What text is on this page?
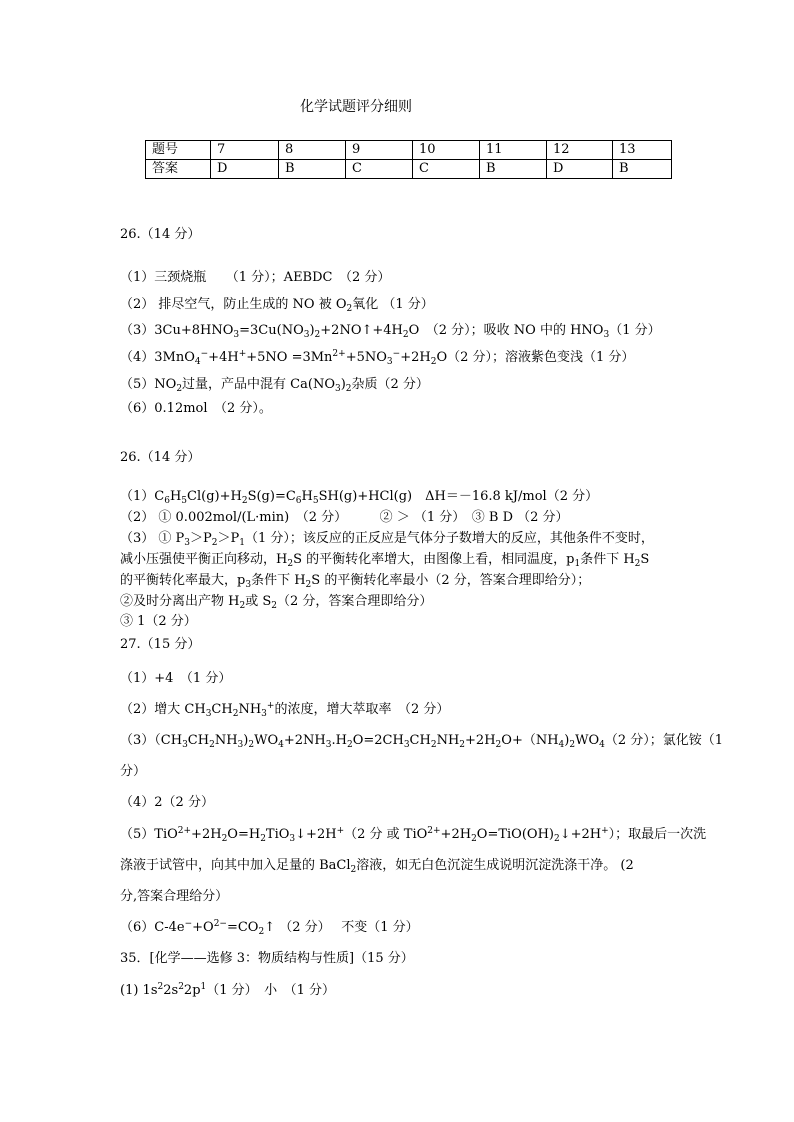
化学试题评分细则
题号	7	8	9	10	11	12	13
答案	D	B	C	C	B	D	B
26.（14 分）
（1）三颈烧瓶　　（1 分）；AEBDC　（2 分）
（2） 排尽空气，防止生成的 NO 被 $O_2$氧化 （1 分）
$(3)3Cu+8HNO_3=3Cu(NO_3)_2+2NO↑+4H_2O$　（2 分）；吸收 NO 中的 $HNO_3(1$ 分）
$(4)3MnO_4^-+4H^++5NO =3Mn^{2+}+5NO_3^-+2H_2O(2$ 分）；溶液紫色变浅（1 分）
$(5)NO_2$过量，产品中混有 $Ca(NO_3)_2$杂质（2 分）
（6）0.12mol　（2 分）。
26.（14 分）
$(1)C_6H_5Cl(g)+H_2S(g)=C_6H_5SH(g)+HCl(g)$　ΔH＝－16.8 kJ/mol（2 分）
（2） ① 0.002mol/(L·min)　（2 分）　　　② ＞ （1 分）　③ B D （2 分）
（3） ① $P_3>P_2>P_1(1$ 分）；该反应的正反应是气体分子数增大的反应，其他条件不变时，
减小压强使平衡正向移动，$H_2S$ 的平衡转化率增大，由图像上看，相同温度，$p_1$条件下 $H_2S$
的平衡转化率最大，$p_3$条件下 $H_2S$ 的平衡转化率最小（2 分，答案合理即给分）；
②及时分离出产物 $H_2$或 $S_2(2$ 分，答案合理即给分）
③ 1（2 分）
27.（15 分）
（1）+4　（1 分）
（2）增大 $CH_3CH_2NH_3^+$的浓度，增大萃取率　（2 分）
$(3)(CH_3CH_2NH_3)_2WO_4+2NH_3.H_2O=2CH_3CH_2NH_2+2H_2O+(NH_4)_2WO_4(2$ 分）；氯化铵（1
分）
（4）2（2 分）
$(5)TiO^{2+}+2H_2O=H_2TiO_3↓+2H^+(2$ 分 或 $TiO^{2+}+2H_2O=TiO(OH)_2↓+2H^+$）；取最后一次洗
涤液于试管中，向其中加入足量的 BaCl$_2$溶液，如无白色沉淀生成说明沉淀洗涤干净。 (2
分,答案合理给分）
$(6)C-4e^-+O^{2-}=CO_2↑$ （2 分）　 不变（1 分）
35．[化学——选修 3：物质结构与性质]（15 分）
(1) $1s^22s^22p^1(1$ 分）　小　（1 分）
